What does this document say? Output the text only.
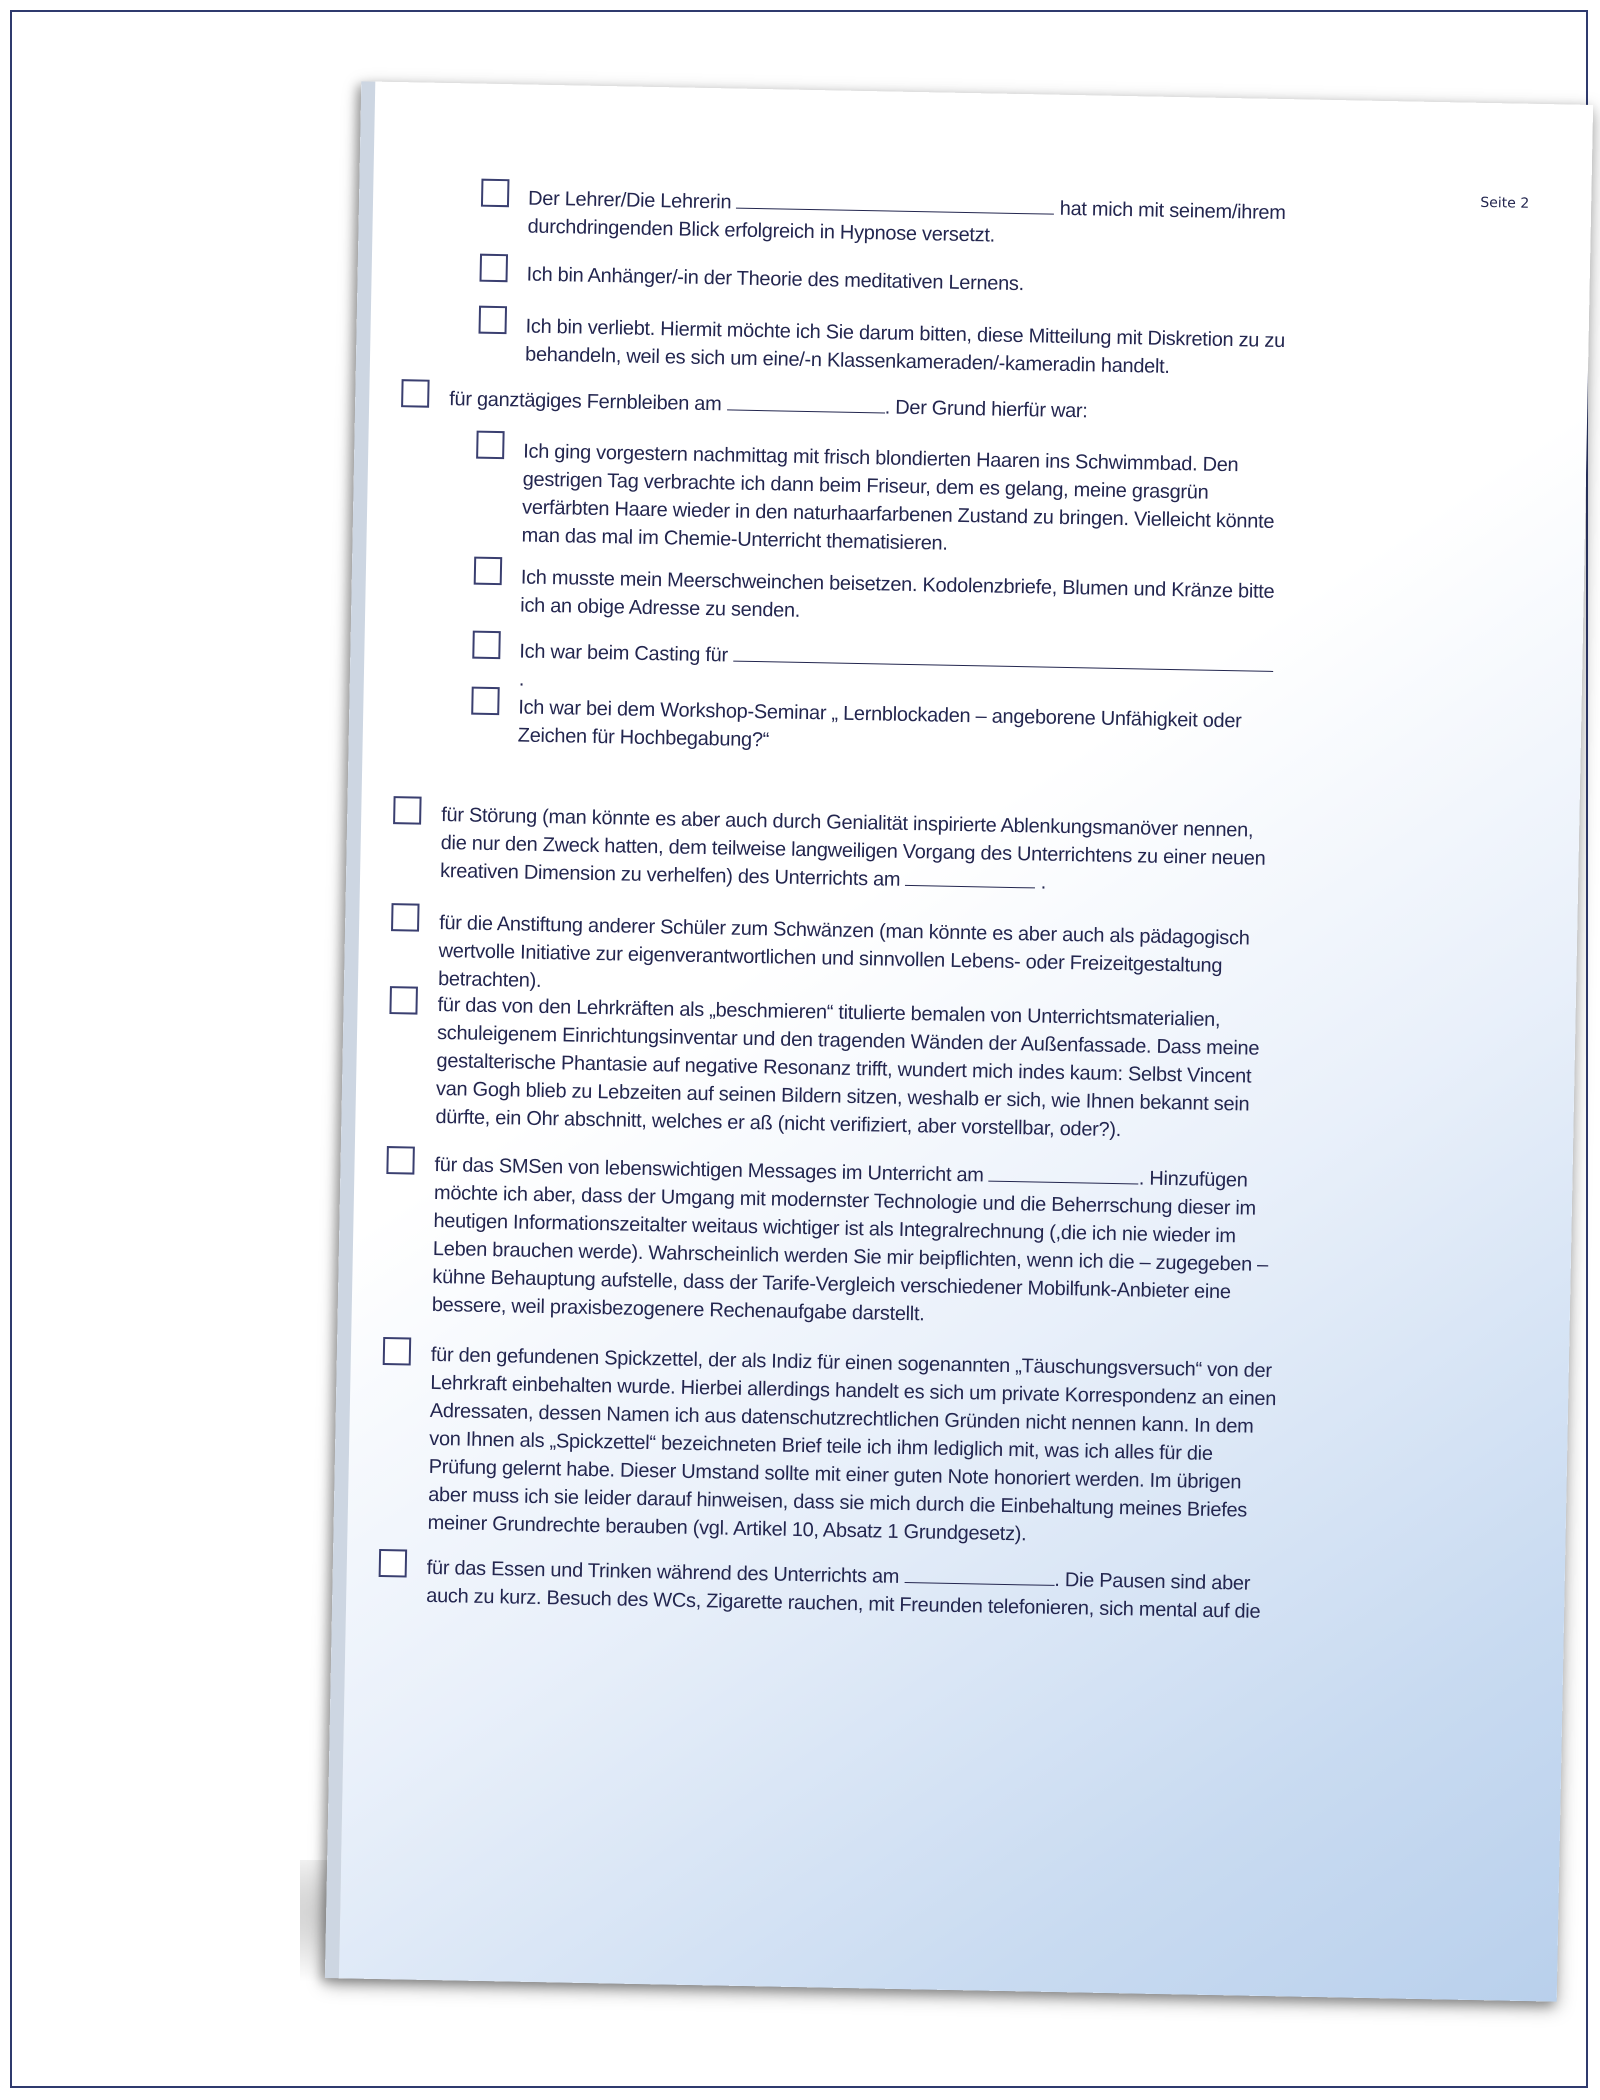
Seite 2
Der Lehrer/Die Lehrerin	hat mich mit seinem/ihrem
durchdringenden Blick erfolgreich in Hypnose versetzt.

Ich bin Anhänger/-in der Theorie des meditativen Lernens.

Ich bin verliebt. Hiermit möchte ich Sie darum bitten, diese Mitteilung mit Diskretion zu zu behandeln, weil es sich um eine/-n Klassenkameraden/-kameradin handelt.

für ganztägiges Fernbleiben am	. Der Grund hierfür war:

Ich ging vorgestern nachmittag mit frisch blondierten Haaren ins Schwimmbad. Den gestrigen Tag verbrachte ich dann beim Friseur, dem es gelang, meine grasgrün verfärbten Haare wieder in den naturhaarfarbenen Zustand zu bringen. Vielleicht könnte man das mal im Chemie-Unterricht thematisieren.

Ich musste mein Meerschweinchen beisetzen. Kodolenzbriefe, Blumen und Kränze bitte ich an obige Adresse zu senden.

Ich war beim Casting für  .

Ich war bei dem Workshop-Seminar „ Lernblockaden – angeborene Unfähigkeit oder Zeichen für Hochbegabung?“

für Störung (man könnte es aber auch durch Genialität inspirierte Ablenkungsmanöver nennen, die nur den Zweck hatten, dem teilweise langweiligen Vorgang des Unterrichtens zu einer neuen kreativen Dimension zu verhelfen) des Unterrichts am	.

für die Anstiftung anderer Schüler zum Schwänzen (man könnte es aber auch als pädagogisch wertvolle Initiative zur eigenverantwortlichen und sinnvollen Lebens- oder Freizeitgestaltung betrachten).

für das von den Lehrkräften als „beschmieren“ titulierte bemalen von Unterrichtsmaterialien, schuleigenem Einrichtungsinventar und den tragenden Wänden der Außenfassade. Dass meine gestalterische Phantasie auf negative Resonanz trifft, wundert mich indes kaum: Selbst Vincent van Gogh blieb zu Lebzeiten auf seinen Bildern sitzen, weshalb er sich, wie Ihnen bekannt sein dürfte, ein Ohr abschnitt, welches er aß (nicht verifiziert, aber vorstellbar, oder?).

für das SMSen von lebenswichtigen Messages im Unterricht am	. Hinzufügen möchte ich aber, dass der Umgang mit modernster Technologie und die Beherrschung dieser im heutigen Informationszeitalter weitaus wichtiger ist als Integralrechnung (,die ich nie wieder im Leben brauchen werde). Wahrscheinlich werden Sie mir beipflichten, wenn ich die – zugegeben – kühne Behauptung aufstelle, dass der Tarife-Vergleich verschiedener Mobilfunk-Anbieter eine bessere, weil praxisbezogenere Rechenaufgabe darstellt.

für den gefundenen Spickzettel, der als Indiz für einen sogenannten „Täuschungsversuch“ von der Lehrkraft einbehalten wurde. Hierbei allerdings handelt es sich um private Korrespondenz an einen Adressaten, dessen Namen ich aus datenschutzrechtlichen Gründen nicht nennen kann. In dem von Ihnen als „Spickzettel“ bezeichneten Brief teile ich ihm lediglich mit, was ich alles für die Prüfung gelernt habe. Dieser Umstand sollte mit einer guten Note honoriert werden. Im übrigen aber muss ich sie leider darauf hinweisen, dass sie mich durch die Einbehaltung meines Briefes meiner Grundrechte berauben (vgl. Artikel 10, Absatz 1 Grundgesetz).

für das Essen und Trinken während des Unterrichts am	. Die Pausen sind aber auch zu kurz. Besuch des WCs, Zigarette rauchen, mit Freunden telefonieren, sich mental auf die
